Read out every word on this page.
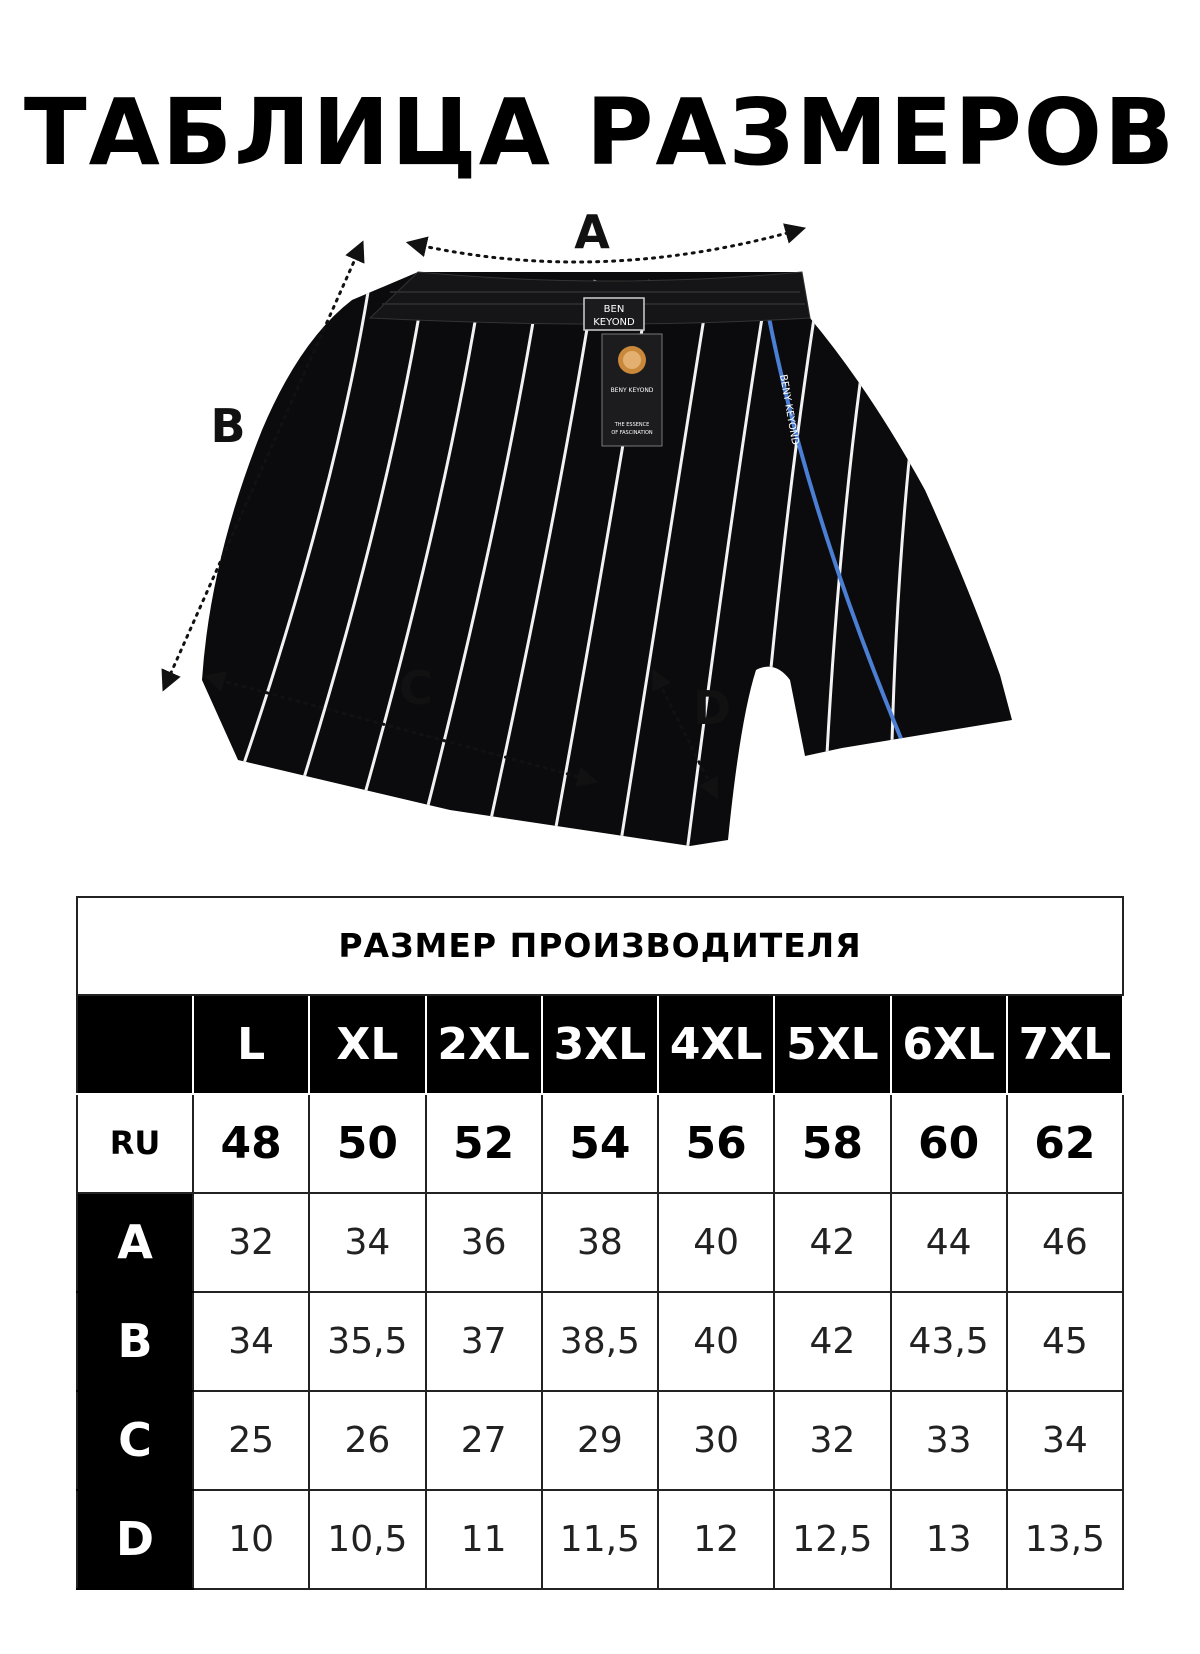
ТАБЛИЦА РАЗМЕРОВ
BEN
KEYOND
BENY KEYOND
THE ESSENCE
OF FASCINATION	BENY KEYOND
A
B
C	D
РАЗМЕР ПРОИЗВОДИТЕЛЯ								
	L	XL	2XL	3XL	4XL	5XL	6XL	7XL
RU	48	50	52	54	56	58	60	62
A	32	34	36	38	40	42	44	46
B	34	35,5	37	38,5	40	42	43,5	45
C	25	26	27	29	30	32	33	34
D	10	10,5	11	11,5	12	12,5	13	13,5
